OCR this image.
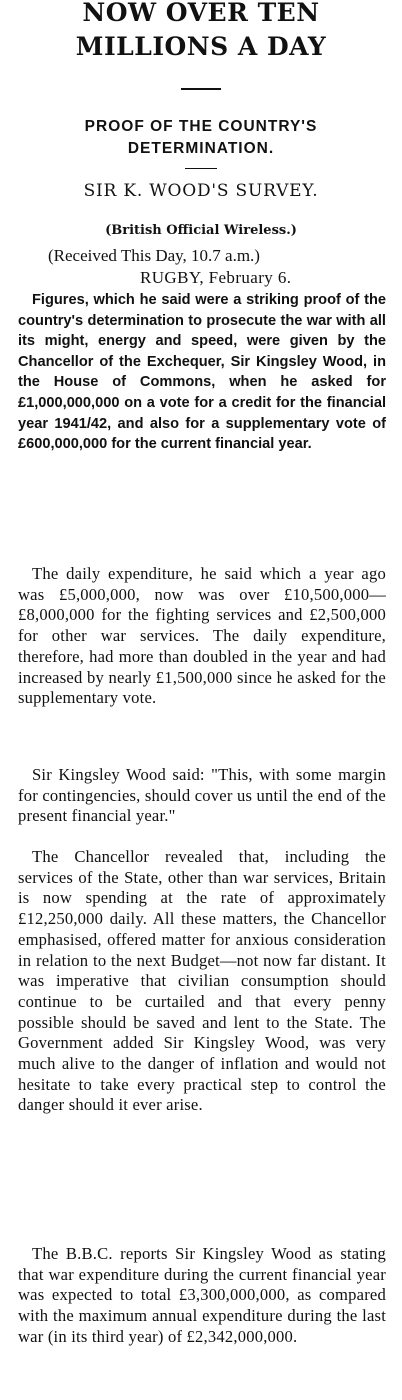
NOW OVER TEN MILLIONS A DAY
PROOF OF THE COUNTRY'S DETERMINATION.
SIR K. WOOD'S SURVEY.

(British Official Wireless.)

(Received This Day, 10.7 a.m.)

RUGBY, February 6.

Figures, which he said were a striking proof of the country's determination to prosecute the war with all its might, energy and speed, were given by the Chancellor of the Exchequer, Sir Kingsley Wood, in the House of Commons, when he asked for £1,000,000,000 on a vote for a credit for the financial year 1941/42, and also for a supplementary vote of £600,000,000 for the current financial year.

The daily expenditure, he said which a year ago was £5,000,000, now was over £10,500,000—£8,000,000 for the fighting services and £2,500,000 for other war services. The daily expenditure, therefore, had more than doubled in the year and had increased by nearly £1,500,000 since he asked for the supplementary vote.

Sir Kingsley Wood said: "This, with some margin for contingencies, should cover us until the end of the present financial year."

The Chancellor revealed that, including the services of the State, other than war services, Britain is now spending at the rate of approximately £12,250,000 daily. All these matters, the Chancellor emphasised, offered matter for anxious consideration in relation to the next Budget—not now far distant. It was imperative that civilian consumption should continue to be curtailed and that every penny possible should be saved and lent to the State. The Government added Sir Kingsley Wood, was very much alive to the danger of inflation and would not hesitate to take every practical step to control the danger should it ever arise.

The B.B.C. reports Sir Kingsley Wood as stating that war expenditure during the current financial year was expected to total £3,300,000,000, as compared with the maximum annual expenditure during the last war (in its third year) of £2,342,000,000.
